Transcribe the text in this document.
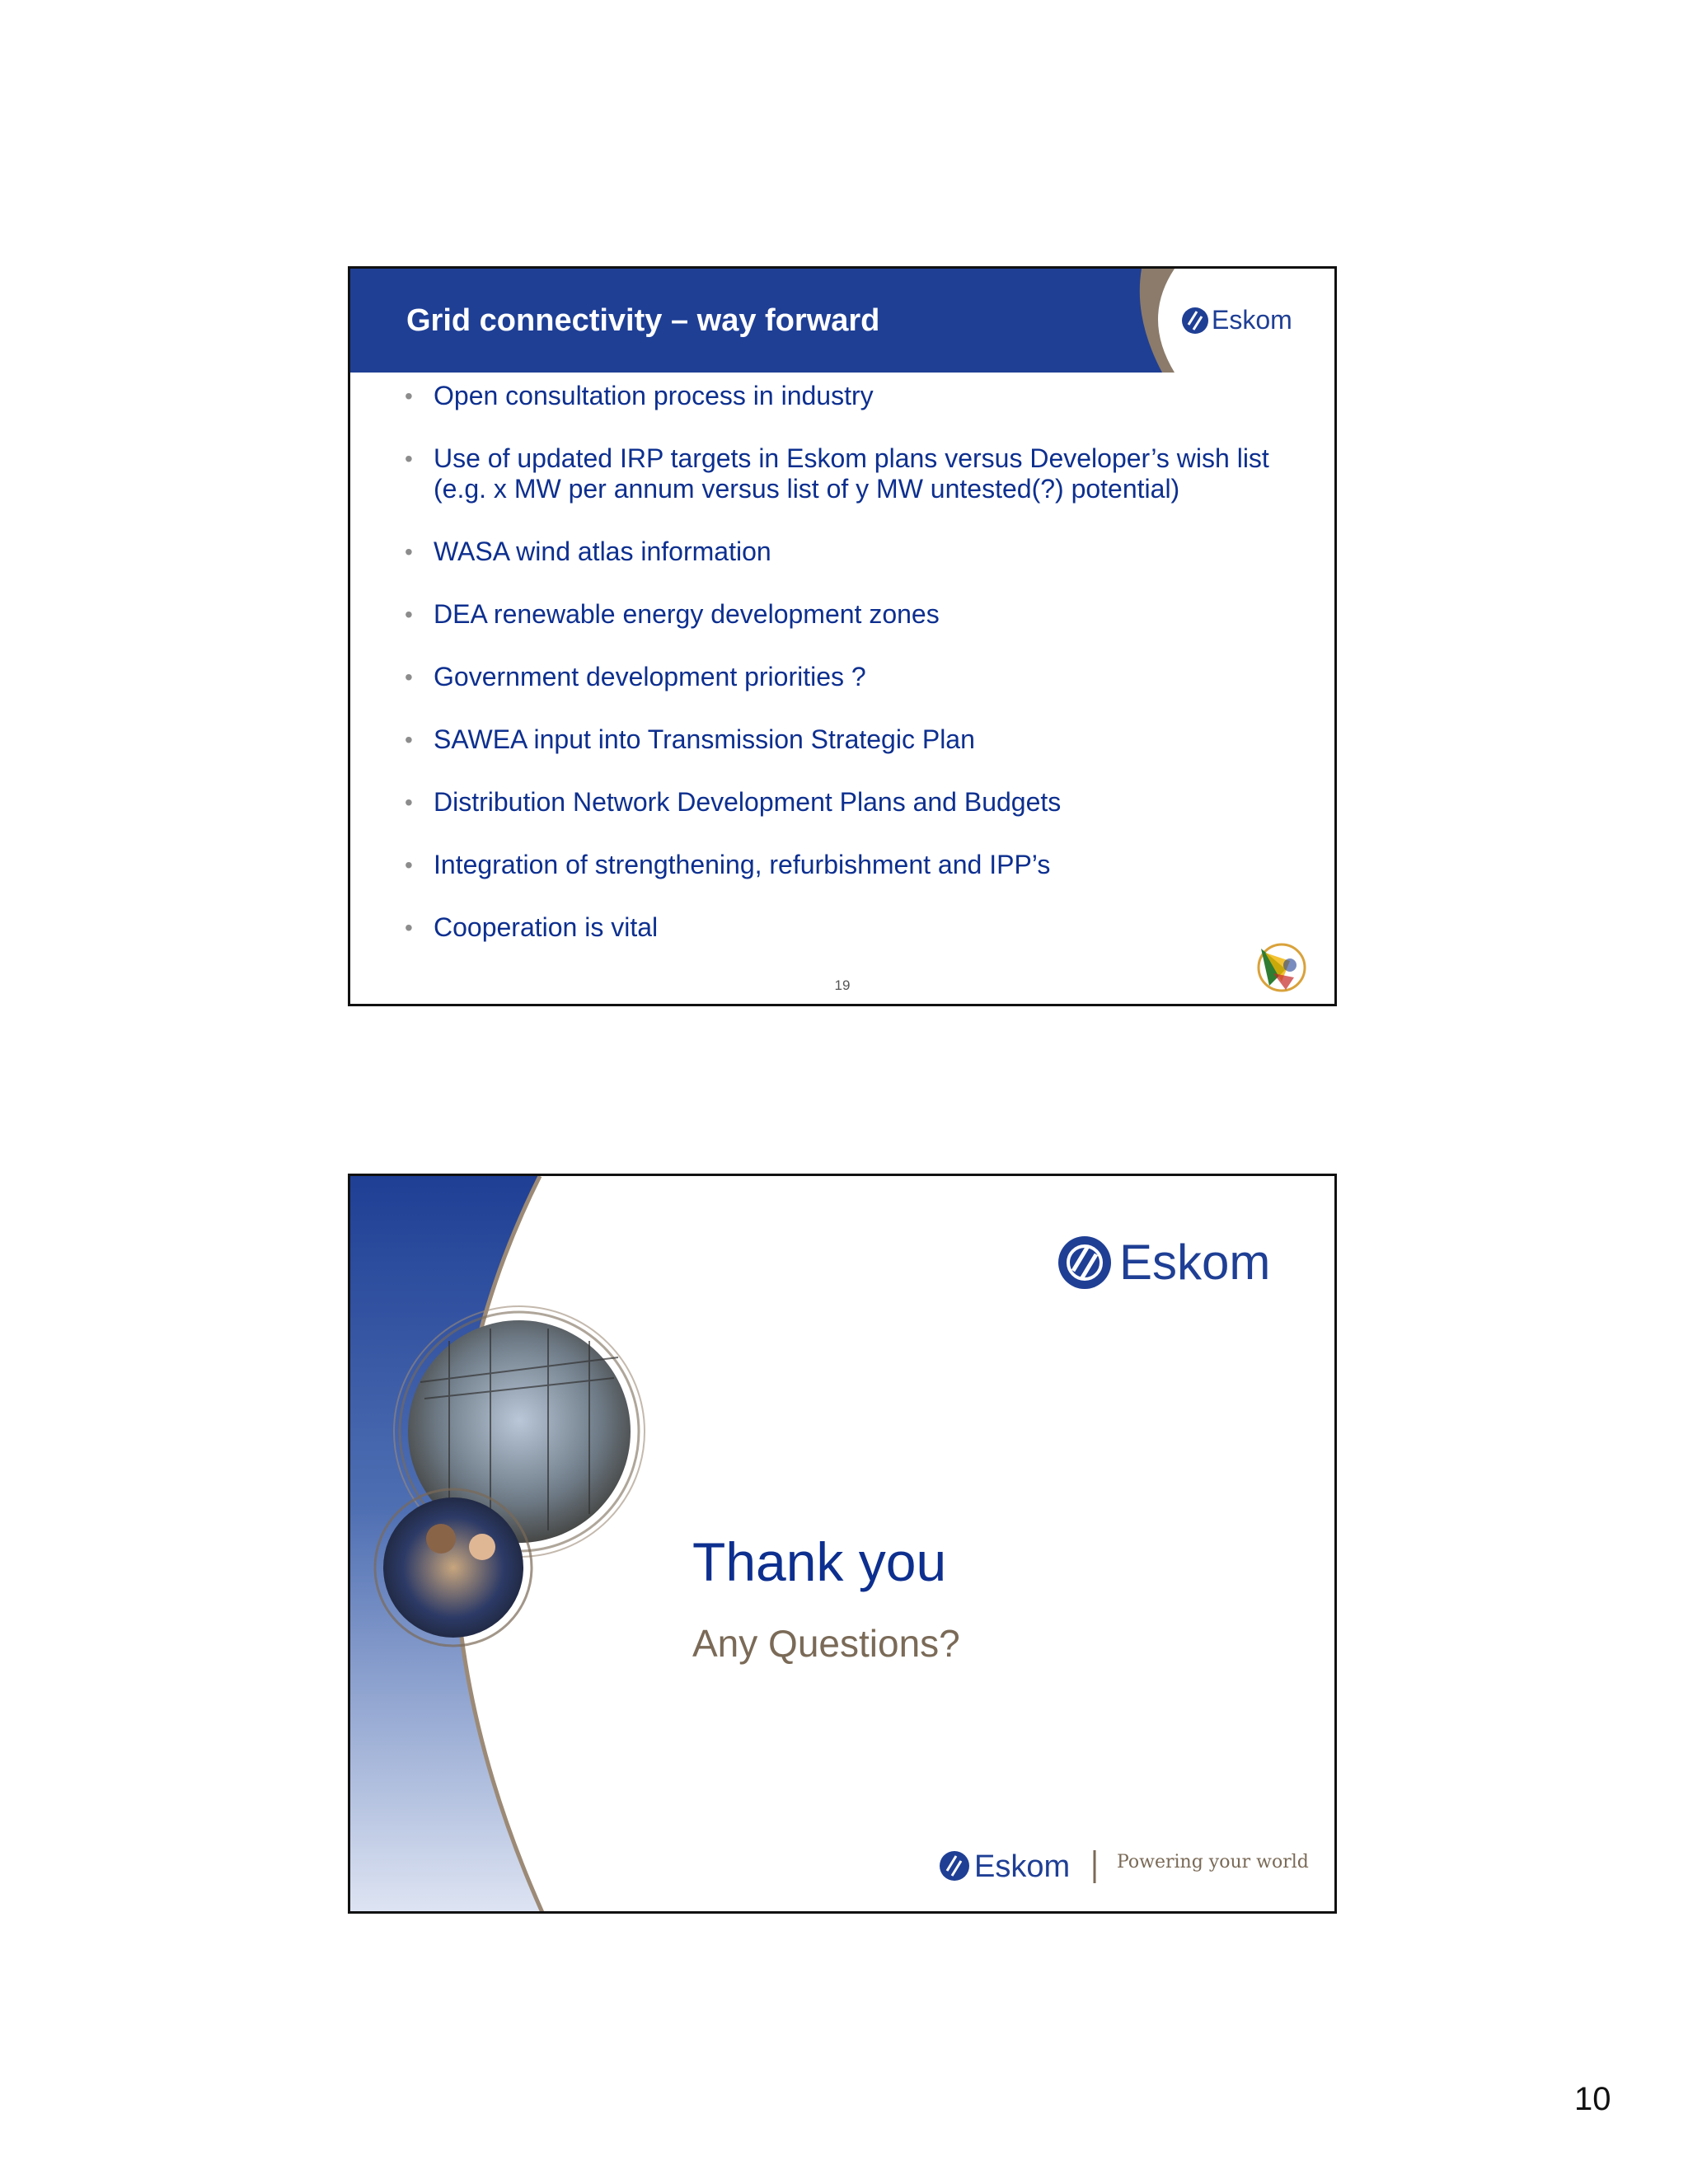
Grid connectivity – way forward	Eskom
• Open consultation process in industry
• Use of updated IRP targets in Eskom plans versus Developer’s wish list (e.g. x MW per annum versus list of y MW untested(?) potential)
• WASA wind atlas information
• DEA renewable energy development zones
• Government development priorities ?
• SAWEA input into Transmission Strategic Plan
• Distribution Network Development Plans and Budgets
• Integration of strengthening, refurbishment and IPP’s
• Cooperation is vital
19
Eskom
Thank you
Any Questions?
Eskom	Powering your world
10
